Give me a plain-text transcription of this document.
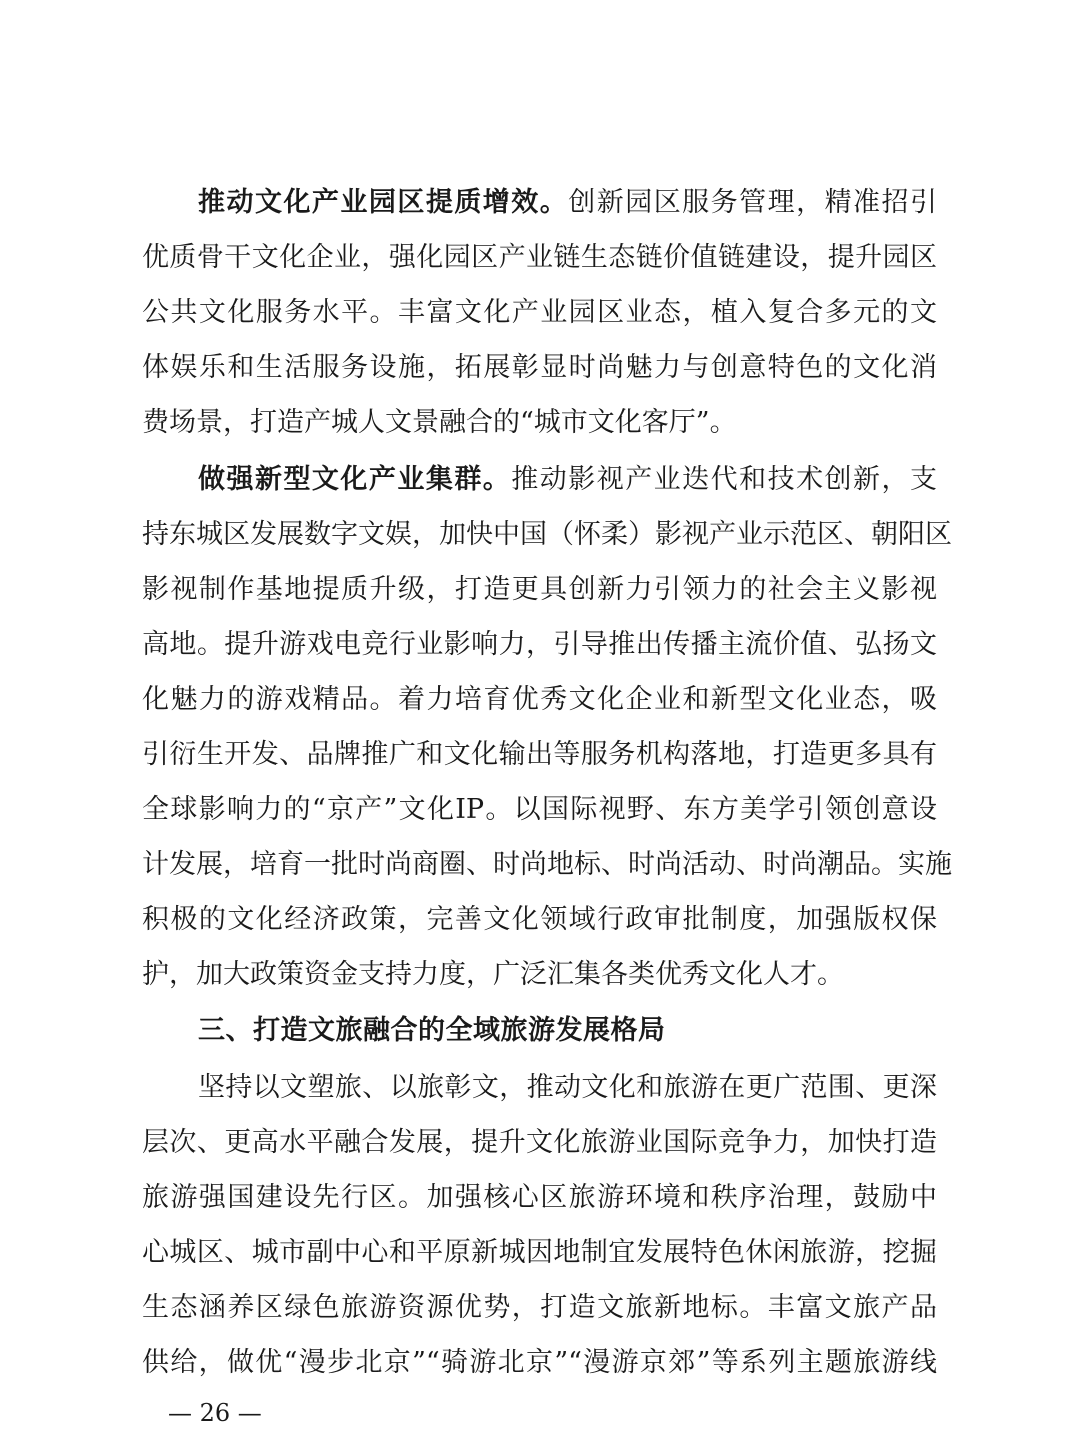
推动文化产业园区提质增效。创新园区服务管理，精准招引
优质骨干文化企业，强化园区产业链生态链价值链建设，提升园区
公共文化服务水平。丰富文化产业园区业态，植入复合多元的文
体娱乐和生活服务设施，拓展彰显时尚魅力与创意特色的文化消
费场景，打造产城人文景融合的“城市文化客厅”。
做强新型文化产业集群。推动影视产业迭代和技术创新，支
持东城区发展数字文娱，加快中国（怀柔）影视产业示范区、朝阳区
影视制作基地提质升级，打造更具创新力引领力的社会主义影视
高地。提升游戏电竞行业影响力，引导推出传播主流价值、弘扬文
化魅力的游戏精品。着力培育优秀文化企业和新型文化业态，吸
引衍生开发、品牌推广和文化输出等服务机构落地，打造更多具有
全球影响力的“京产”文化IP。以国际视野、东方美学引领创意设
计发展，培育一批时尚商圈、时尚地标、时尚活动、时尚潮品。实施
积极的文化经济政策，完善文化领域行政审批制度，加强版权保
护，加大政策资金支持力度，广泛汇集各类优秀文化人才。
三、打造文旅融合的全域旅游发展格局
坚持以文塑旅、以旅彰文，推动文化和旅游在更广范围、更深
层次、更高水平融合发展，提升文化旅游业国际竞争力，加快打造
旅游强国建设先行区。加强核心区旅游环境和秩序治理，鼓励中
心城区、城市副中心和平原新城因地制宜发展特色休闲旅游，挖掘
生态涵养区绿色旅游资源优势，打造文旅新地标。丰富文旅产品
供给，做优“漫步北京”“骑游北京”“漫游京郊”等系列主题旅游线
— 26 —
